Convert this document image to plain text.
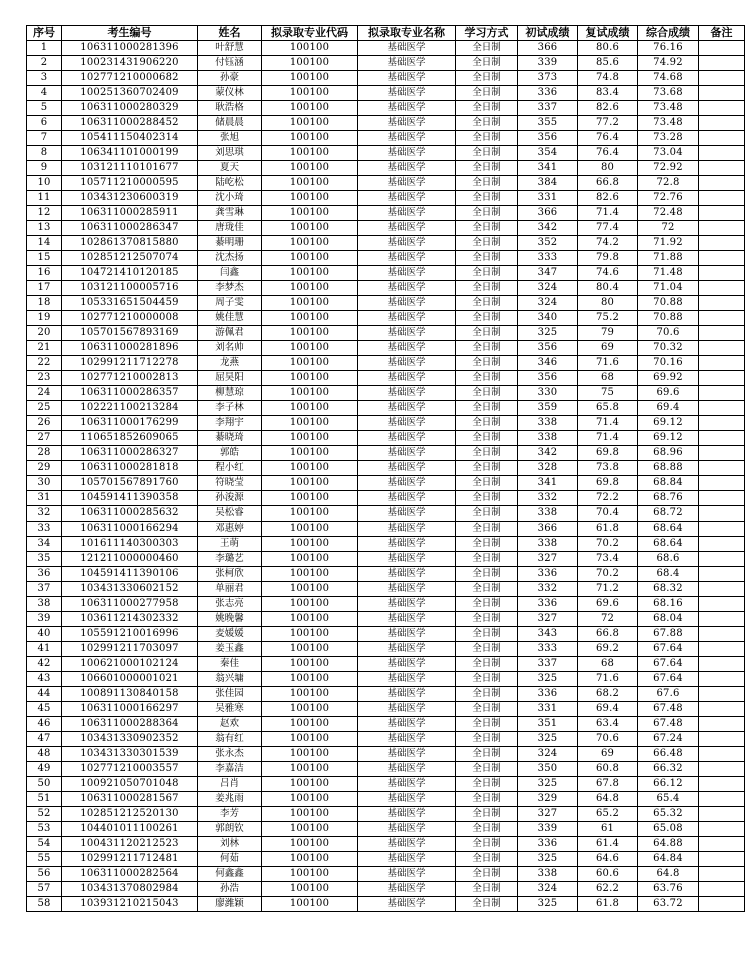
序号	考生编号	姓名	拟录取专业代码	拟录取专业名称	学习方式	初试成绩	复试成绩	综合成绩	备注
1	106311000281396	叶舒慧	100100	基础医学	全日制	366	80.6	76.16	
2	100231431906220	付钰涵	100100	基础医学	全日制	339	85.6	74.92	
3	102771210000682	孙豪	100100	基础医学	全日制	373	74.8	74.68	
4	100251360702409	蒙仪林	100100	基础医学	全日制	336	83.4	73.68	
5	106311000280329	耿浩格	100100	基础医学	全日制	337	82.6	73.48	
6	106311000288452	储晨晨	100100	基础医学	全日制	355	77.2	73.48	
7	105411150402314	张旭	100100	基础医学	全日制	356	76.4	73.28	
8	106341101000199	刘思琪	100100	基础医学	全日制	354	76.4	73.04	
9	103121110101677	夏天	100100	基础医学	全日制	341	80	72.92	
10	105711210000595	陆屹松	100100	基础医学	全日制	384	66.8	72.8	
11	103431230600319	沈小琦	100100	基础医学	全日制	331	82.6	72.76	
12	106311000285911	龚雪琳	100100	基础医学	全日制	366	71.4	72.48	
13	106311000286347	唐珑佳	100100	基础医学	全日制	342	77.4	72	
14	102861370815880	綦明珊	100100	基础医学	全日制	352	74.2	71.92	
15	102851212507074	沈杰扬	100100	基础医学	全日制	333	79.8	71.88	
16	104721410120185	闫鑫	100100	基础医学	全日制	347	74.6	71.48	
17	103121100005716	李梦杰	100100	基础医学	全日制	324	80.4	71.04	
18	105331651504459	周子雯	100100	基础医学	全日制	324	80	70.88	
19	102771210000008	姚佳慧	100100	基础医学	全日制	340	75.2	70.88	
20	105701567893169	游佩君	100100	基础医学	全日制	325	79	70.6	
21	106311000281896	刘名帅	100100	基础医学	全日制	356	69	70.32	
22	102991211712278	龙燕	100100	基础医学	全日制	346	71.6	70.16	
23	102771210002813	屈昊阳	100100	基础医学	全日制	356	68	69.92	
24	106311000286357	柳慧琼	100100	基础医学	全日制	330	75	69.6	
25	102221100213284	李子林	100100	基础医学	全日制	359	65.8	69.4	
26	106311000176299	李翔宇	100100	基础医学	全日制	338	71.4	69.12	
27	110651852609065	綦晓琦	100100	基础医学	全日制	338	71.4	69.12	
28	106311000286327	郭皓	100100	基础医学	全日制	342	69.8	68.96	
29	106311000281818	程小红	100100	基础医学	全日制	328	73.8	68.88	
30	105701567891760	符晓莹	100100	基础医学	全日制	341	69.8	68.84	
31	104591411390358	孙浚源	100100	基础医学	全日制	332	72.2	68.76	
32	106311000285632	吴松睿	100100	基础医学	全日制	338	70.4	68.72	
33	106311000166294	邓惠婷	100100	基础医学	全日制	366	61.8	68.64	
34	101611140300303	王萌	100100	基础医学	全日制	338	70.2	68.64	
35	121211000000460	李璐艺	100100	基础医学	全日制	327	73.4	68.6	
36	104591411390106	张柯欣	100100	基础医学	全日制	336	70.2	68.4	
37	103431330602152	单丽君	100100	基础医学	全日制	332	71.2	68.32	
38	106311000277958	张志亮	100100	基础医学	全日制	336	69.6	68.16	
39	103611214302332	姚晚馨	100100	基础医学	全日制	327	72	68.04	
40	105591210016996	麦媛媛	100100	基础医学	全日制	343	66.8	67.88	
41	102991211703097	姜玉鑫	100100	基础医学	全日制	333	69.2	67.64	
42	100621000102124	秦佳	100100	基础医学	全日制	337	68	67.64	
43	106601000001021	翁兴墉	100100	基础医学	全日制	325	71.6	67.64	
44	100891130840158	张佳园	100100	基础医学	全日制	336	68.2	67.6	
45	106311000166297	吴雅寒	100100	基础医学	全日制	331	69.4	67.48	
46	106311000288364	赵欢	100100	基础医学	全日制	351	63.4	67.48	
47	103431330902352	翁有红	100100	基础医学	全日制	325	70.6	67.24	
48	103431330301539	张永杰	100100	基础医学	全日制	324	69	66.48	
49	102771210003557	李嘉洁	100100	基础医学	全日制	350	60.8	66.32	
50	100921050701048	吕肖	100100	基础医学	全日制	325	67.8	66.12	
51	106311000281567	姜兆雨	100100	基础医学	全日制	329	64.8	65.4	
52	102851212520130	李芳	100100	基础医学	全日制	327	65.2	65.32	
53	104401011100261	郭朗钦	100100	基础医学	全日制	339	61	65.08	
54	100431120212523	刘林	100100	基础医学	全日制	336	61.4	64.88	
55	102991211712481	何茹	100100	基础医学	全日制	325	64.6	64.84	
56	106311000282564	何鑫鑫	100100	基础医学	全日制	338	60.6	64.8	
57	103431370802984	孙浩	100100	基础医学	全日制	324	62.2	63.76	
58	103931210215043	廖潍颖	100100	基础医学	全日制	325	61.8	63.72	
